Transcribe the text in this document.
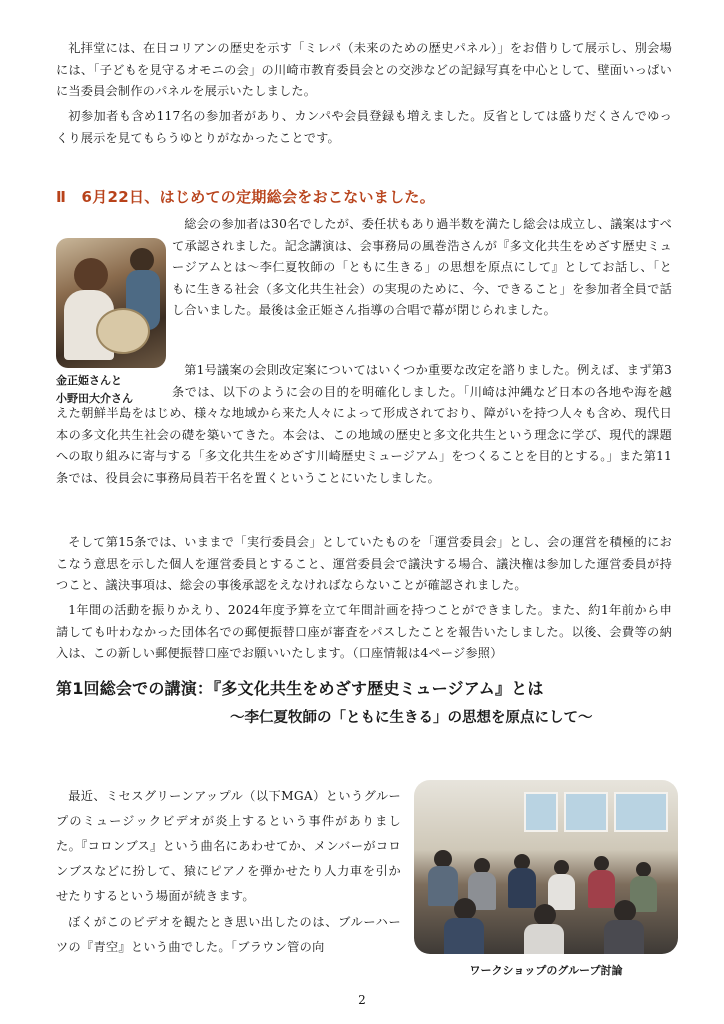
礼拝堂には、在日コリアンの歴史を示す「ミレパ（未来のための歴史パネル）」をお借りして展示し、別会場には、「子どもを見守るオモニの会」の川崎市教育委員会との交渉などの記録写真を中心として、壁面いっぱいに当委員会制作のパネルを展示いたしました。

初参加者も含め117名の参加者があり、カンパや会員登録も増えました。反省としては盛りだくさんでゆっくり展示を見てもらうゆとりがなかったことです。

Ⅱ　6月22日、はじめての定期総会をおこないました。

総会の参加者は30名でしたが、委任状もあり過半数を満たし総会は成立し、議案はすべて承認されました。記念講演は、会事務局の風巻浩さんが『多文化共生をめざす歴史ミュージアムとは〜李仁夏牧師の「ともに生きる」の思想を原点にして』としてお話し、「ともに生きる社会（多文化共生社会）の実現のために、今、できること」を参加者全員で話し合いました。最後は金正姫さん指導の合唱で幕が閉じられました。

金正姫さんと
小野田大介さん

第1号議案の会則改定案についてはいくつか重要な改定を諮りました。例えば、まず第3条では、以下のように会の目的を明確化しました。「川崎は沖縄など日本の各地や海を越えた朝鮮半島をはじめ、様々な地域から来た人々によって形成されており、障がいを持つ人々も含め、現代日本の多文化共生社会の礎を築いてきた。本会は、この地域の歴史と多文化共生という理念に学び、現代的課題への取り組みに寄与する「多文化共生をめざす川崎歴史ミュージアム」をつくることを目的とする。」また第11条では、役員会に事務局員若干名を置くということにいたしました。

そして第15条では、いままで「実行委員会」としていたものを「運営委員会」とし、会の運営を積極的におこなう意思を示した個人を運営委員とすること、運営委員会で議決する場合、議決権は参加した運営委員が持つこと、議決事項は、総会の事後承認をえなければならないことが確認されました。

1年間の活動を振りかえり、2024年度予算を立て年間計画を持つことができました。また、約1年前から申請しても叶わなかった団体名での郵便振替口座が審査をパスしたことを報告いたしました。以後、会費等の納入は、この新しい郵便振替口座でお願いいたします。（口座情報は4ページ参照）

第1回総会での講演：『多文化共生をめざす歴史ミュージアム』とは
〜李仁夏牧師の「ともに生きる」の思想を原点にして〜

最近、ミセスグリーンアップル（以下MGA）というグループのミュージックビデオが炎上するという事件がありました。『コロンブス』という曲名にあわせてか、メンバーがコロンブスなどに扮して、猿にピアノを弾かせたり人力車を引かせたりするという場面が続きます。

ぼくがこのビデオを観たとき思い出したのは、ブルーハーツの『青空』という曲でした。「ブラウン管の向

ワークショップのグループ討論
2
